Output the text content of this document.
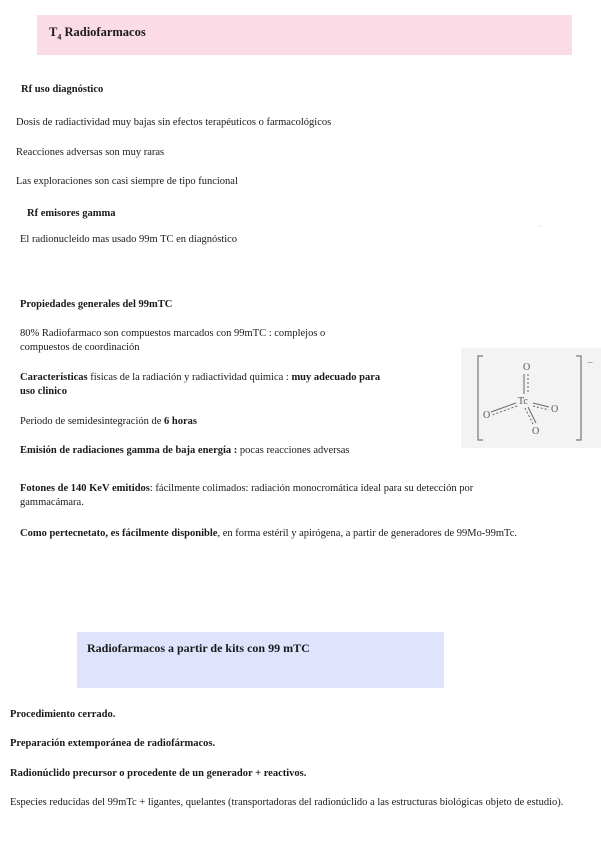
$T_4$ Radiofarmacos
Rf uso diagnóstico
Dosis de radiactividad muy bajas sin efectos terapéuticos o farmacológicos
Reacciones adversas son muy raras
Las exploraciones son casi siempre de tipo funcional
Rf emisores gamma
El radionucleido mas usado 99m TC en diagnóstico
·
Propiedades generales del 99mTC
80% Radiofarmaco son compuestos marcados con 99mTC : complejos o compuestos de coordinación
Características físicas de la radiación y radiactividad quimica : muy adecuado para uso clinico
Periodo de semidesintegración de 6 horas
Emisión de radiaciones gamma de baja energía : pocas reacciones adversas
Fotones de 140 KeV emitidos: fácilmente colimados: radiación monocromática ideal para su detección por gammacámara.
Como pertecnetato, es fácilmente disponible, en forma estéril y apirógena, a partir de generadores de 99Mo-99mTc.
−
O
Tc
O
O
O
Radiofarmacos a partir de kits con 99 mTC
Procedimiento cerrado.
Preparación extemporánea de radiofármacos.
Radionúclido precursor o procedente de un generador + reactivos.
Especies reducidas del 99mTc + ligantes, quelantes (transportadoras del radionúclido a las estructuras biológicas objeto de estudio).
